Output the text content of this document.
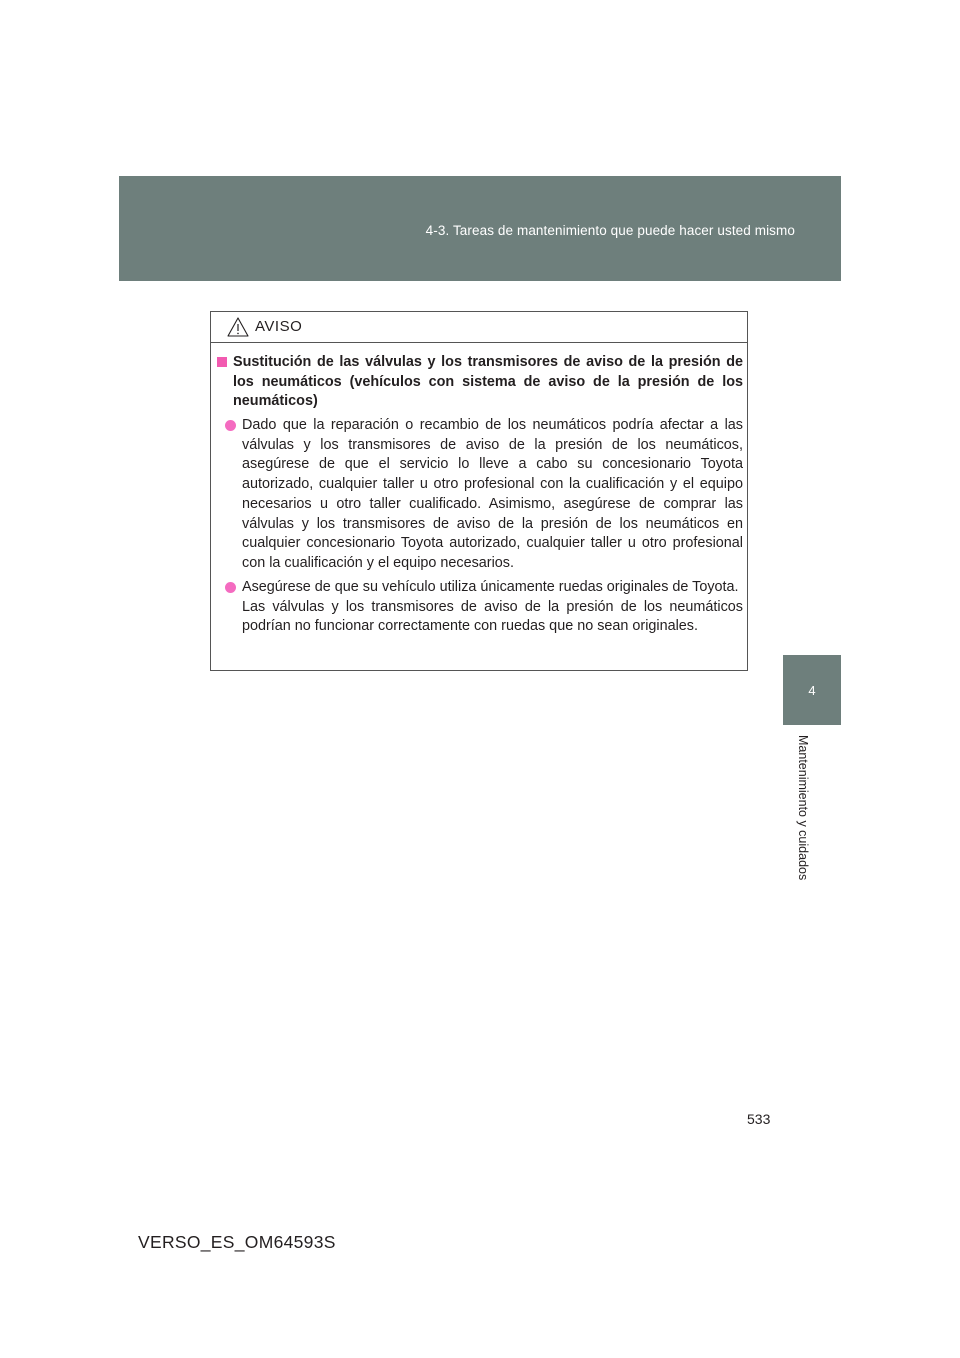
4-3. Tareas de mantenimiento que puede hacer usted mismo
4
Mantenimiento y cuidados
AVISO
Sustitución de las válvulas y los transmisores de aviso de la presión de los neumáticos (vehículos con sistema de aviso de la presión de los neumáticos)

Dado que la reparación o recambio de los neumáticos podría afectar a las válvulas y los transmisores de aviso de la presión de los neumáticos, asegúrese de que el servicio lo lleve a cabo su concesionario Toyota autorizado, cualquier taller u otro profesional con la cualificación y el equipo necesarios u otro taller cualificado. Asimismo, asegúrese de comprar las válvulas y los transmisores de aviso de la presión de los neumáticos en cualquier concesionario Toyota autorizado, cualquier taller u otro profesional con la cualificación y el equipo necesarios.

Asegúrese de que su vehículo utiliza únicamente ruedas originales de Toyota.

Las válvulas y los transmisores de aviso de la presión de los neumáticos podrían no funcionar correctamente con ruedas que no sean originales.

533
VERSO_ES_OM64593S
